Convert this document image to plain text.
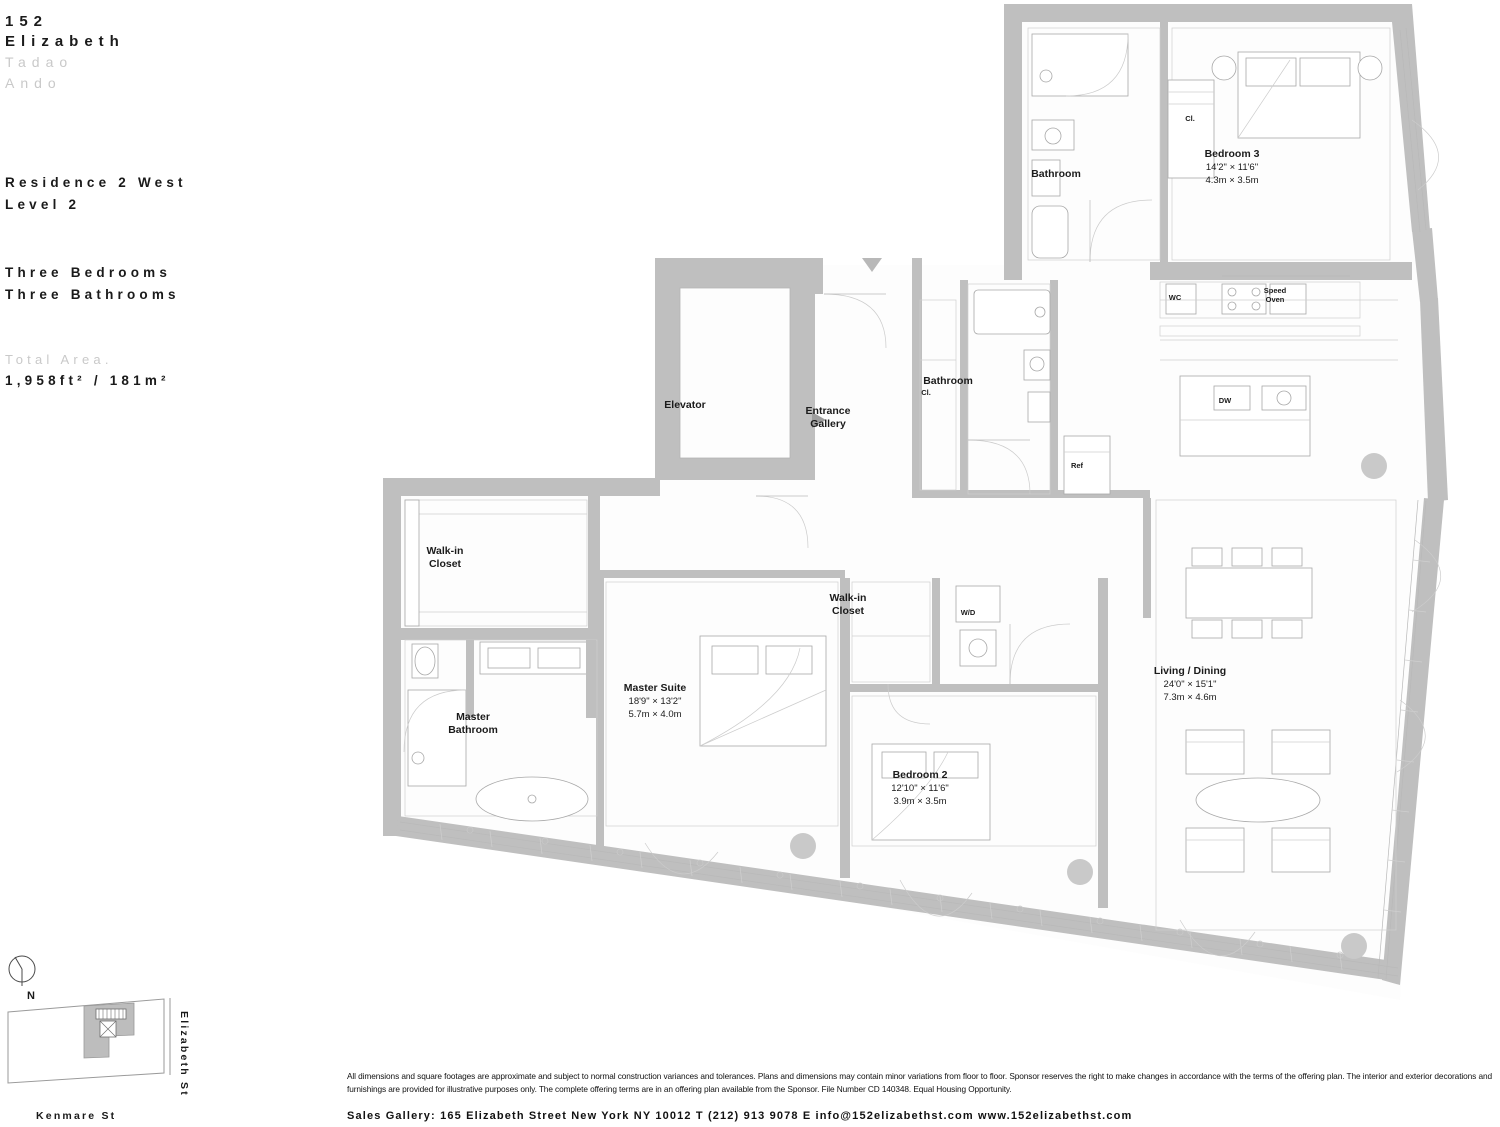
152
Elizabeth
Tadao
Ando
Residence 2 West
Level 2
Three Bedrooms
Three Bathrooms
Total Area.
1,958ft² / 181m²
N
Kenmare St
Elizabeth St
Bedroom 3
14'2" × 11'6"
4.3m × 3.5m
Bathroom
Elevator	Entrance
Gallery
Bathroom
Walk-in
Closet
Walk-in
Closet
Master
Bathroom
Master Suite
18'9" × 13'2"
5.7m × 4.0m
Bedroom 2
12'10" × 11'6"
3.9m × 3.5m
Living / Dining
24'0" × 15'1"
7.3m × 4.6m
Cl.
Cl.
WC
Speed
Oven
DW
Ref
W/D
All dimensions and square footages are approximate and subject to normal construction variances and tolerances. Plans and dimensions may contain minor variations from floor to floor. Sponsor reserves the right to make changes in accordance with the terms of the offering plan. The interior and exterior decorations and furnishings are provided for illustrative purposes only. The complete offering terms are in an offering plan available from the Sponsor. File Number CD 140348. Equal Housing Opportunity.
Sales Gallery: 165 Elizabeth Street New York NY 10012 T (212) 913 9078 E info@152elizabethst.com www.152elizabethst.com
